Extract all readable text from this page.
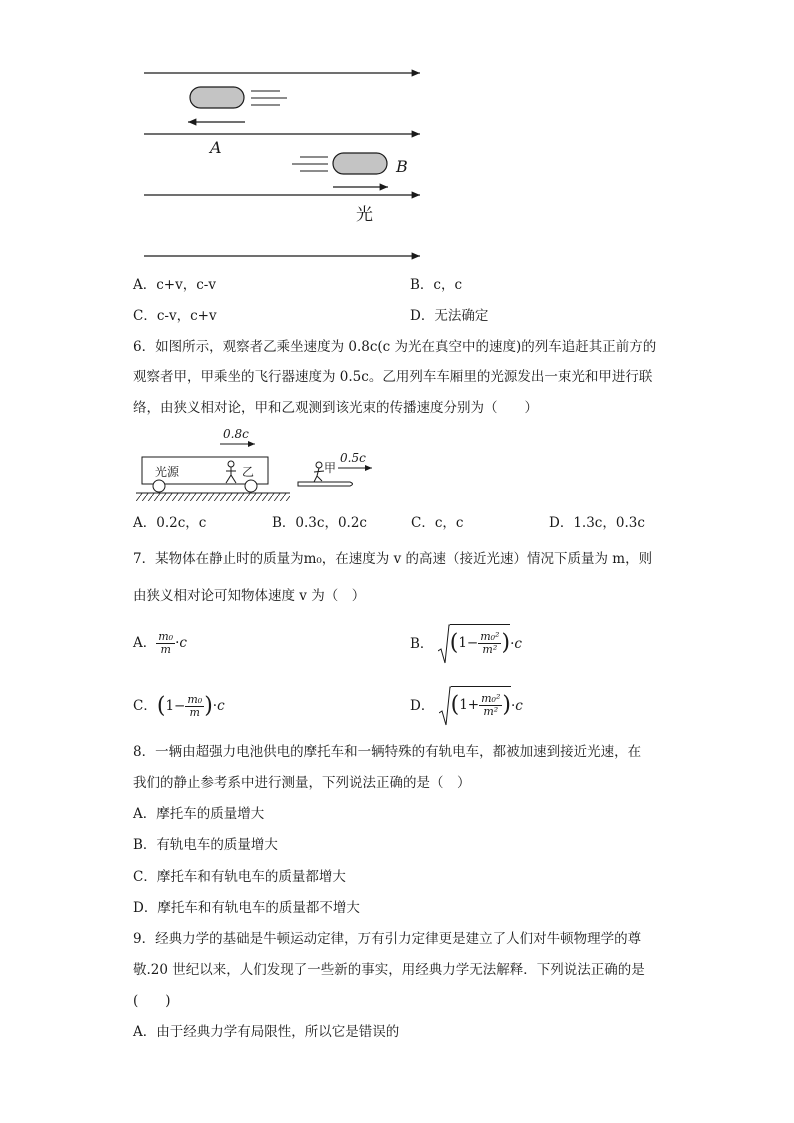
A
B
光
A．c+v，c-v	B．c，c
C．c-v，c+v	D．无法确定
6．如图所示，观察者乙乘坐速度为 0.8c(c 为光在真空中的速度)的列车追赶其正前方的
观察者甲，甲乘坐的飞行器速度为 0.5c。乙用列车车厢里的光源发出一束光和甲进行联
络，由狭义相对论，甲和乙观测到该光束的传播速度分别为（　　）
0.8c
光源	乙	甲
0.5c
A．0.2c，c	B．0.3c，0.2c	C．c，c	D．1.3c，0.3c
7．某物体在静止时的质量为m₀，在速度为 v 的高速（接近光速）情况下质量为 m，则
由狭义相对论可知物体速度 v 为（　）
A． $\frac{\text{m₀}}{m} \cdot c$	B． $(1- \frac{\text{m₀²}}{\text{m²}} )\cdot c$
C．$(1- \frac{\text{m₀}}{m} )\cdot c$	D． $(1+ \frac{\text{m₀²}}{\text{m²}} )\cdot c$
8．一辆由超强力电池供电的摩托车和一辆特殊的有轨电车，都被加速到接近光速，在
我们的静止参考系中进行测量，下列说法正确的是（　）
A．摩托车的质量增大
B．有轨电车的质量增大
C．摩托车和有轨电车的质量都增大
D．摩托车和有轨电车的质量都不增大
9．经典力学的基础是牛顿运动定律，万有引力定律更是建立了人们对牛顿物理学的尊
敬.20 世纪以来，人们发现了一些新的事实，用经典力学无法解释．下列说法正确的是
(　　)
A．由于经典力学有局限性，所以它是错误的
